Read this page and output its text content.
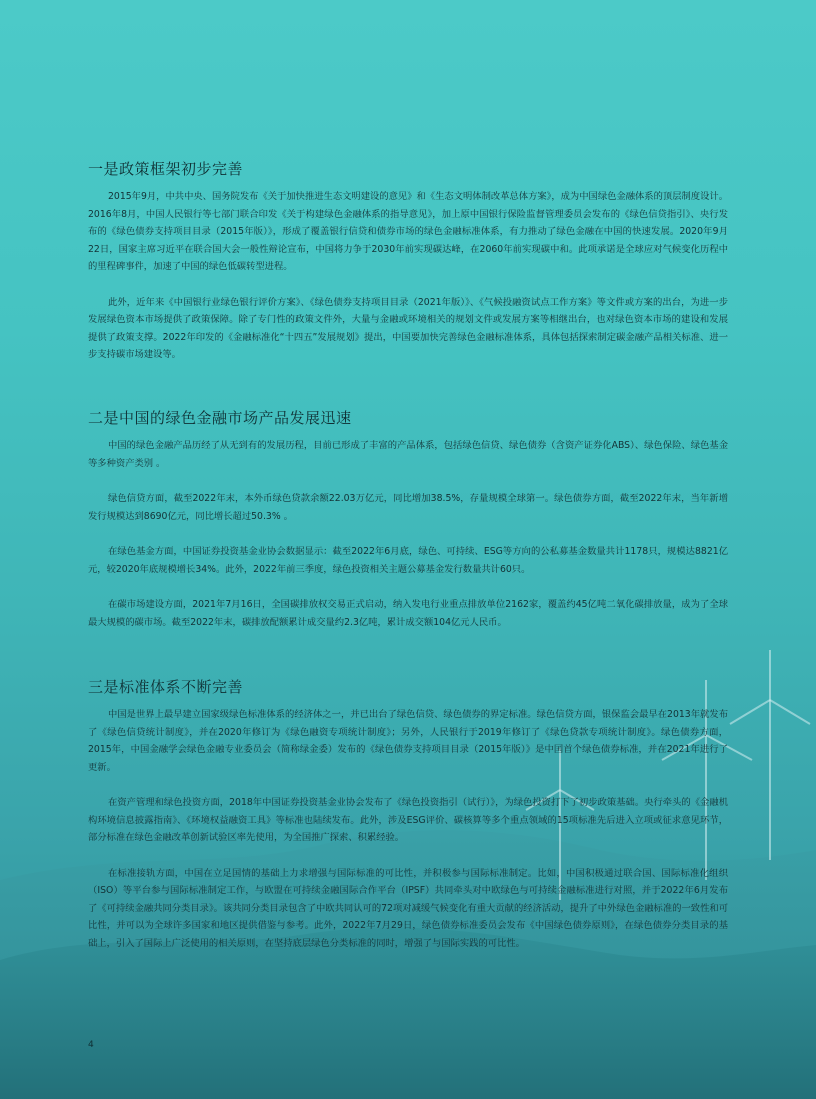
一是政策框架初步完善

2015年9月，中共中央、国务院发布《关于加快推进生态文明建设的意见》和《生态文明体制改革总体方案》，成为中国绿色金融体系的顶层制度设计。2016年8月，中国人民银行等七部门联合印发《关于构建绿色金融体系的指导意见》，加上原中国银行保险监督管理委员会发布的《绿色信贷指引》、央行发布的《绿色债券支持项目目录（2015年版）》，形成了覆盖银行信贷和债券市场的绿色金融标准体系，有力推动了绿色金融在中国的快速发展。2020年9月22日，国家主席习近平在联合国大会一般性辩论宣布，中国将力争于2030年前实现碳达峰，在2060年前实现碳中和。此项承诺是全球应对气候变化历程中的里程碑事件，加速了中国的绿色低碳转型进程。

此外，近年来《中国银行业绿色银行评价方案》、《绿色债券支持项目目录（2021年版）》、《气候投融资试点工作方案》等文件或方案的出台，为进一步发展绿色资本市场提供了政策保障。除了专门性的政策文件外，大量与金融或环境相关的规划文件或发展方案等相继出台，也对绿色资本市场的建设和发展提供了政策支撑。2022年印发的《金融标准化“十四五”发展规划》提出，中国要加快完善绿色金融标准体系，具体包括探索制定碳金融产品相关标准、进一步支持碳市场建设等。

二是中国的绿色金融市场产品发展迅速

中国的绿色金融产品历经了从无到有的发展历程，目前已形成了丰富的产品体系，包括绿色信贷、绿色债券（含资产证券化ABS）、绿色保险、绿色基金等多种资产类别 。

绿色信贷方面，截至2022年末，本外币绿色贷款余额22.03万亿元，同比增加38.5%，存量规模全球第一。绿色债券方面，截至2022年末，当年新增发行规模达到8690亿元，同比增长超过50.3% 。

在绿色基金方面，中国证券投资基金业协会数据显示：截至2022年6月底，绿色、可持续、ESG等方向的公私募基金数量共计1178只，规模达8821亿元，较2020年底规模增长34%。此外，2022年前三季度，绿色投资相关主题公募基金发行数量共计60只。

在碳市场建设方面，2021年7月16日，全国碳排放权交易正式启动，纳入发电行业重点排放单位2162家，覆盖约45亿吨二氧化碳排放量，成为了全球最大规模的碳市场。截至2022年末，碳排放配额累计成交量约2.3亿吨，累计成交额104亿元人民币。

三是标准体系不断完善

中国是世界上最早建立国家级绿色标准体系的经济体之一，并已出台了绿色信贷、绿色债券的界定标准。绿色信贷方面，银保监会最早在2013年就发布了《绿色信贷统计制度》，并在2020年修订为《绿色融资专项统计制度》；另外，人民银行于2019年修订了《绿色贷款专项统计制度》。绿色债券方面，2015年，中国金融学会绿色金融专业委员会（简称绿金委）发布的《绿色债券支持项目目录（2015年版）》是中国首个绿色债券标准，并在2021年进行了更新。

在资产管理和绿色投资方面，2018年中国证券投资基金业协会发布了《绿色投资指引（试行）》，为绿色投资打下了初步政策基础。央行牵头的《金融机构环境信息披露指南》、《环境权益融资工具》等标准也陆续发布。此外，涉及ESG评价、碳核算等多个重点领域的15项标准先后进入立项或征求意见环节，部分标准在绿色金融改革创新试验区率先使用，为全国推广探索、积累经验。

在标准接轨方面，中国在立足国情的基础上力求增强与国际标准的可比性，并积极参与国际标准制定。比如，中国积极通过联合国、国际标准化组织（ISO）等平台参与国际标准制定工作，与欧盟在可持续金融国际合作平台（IPSF）共同牵头对中欧绿色与可持续金融标准进行对照，并于2022年6月发布了《可持续金融共同分类目录》。该共同分类目录包含了中欧共同认可的72项对减缓气候变化有重大贡献的经济活动，提升了中外绿色金融标准的一致性和可比性，并可以为全球许多国家和地区提供借鉴与参考。此外，2022年7月29日，绿色债券标准委员会发布《中国绿色债券原则》，在绿色债券分类目录的基础上，引入了国际上广泛使用的相关原则，在坚持底层绿色分类标准的同时，增强了与国际实践的可比性。

4
